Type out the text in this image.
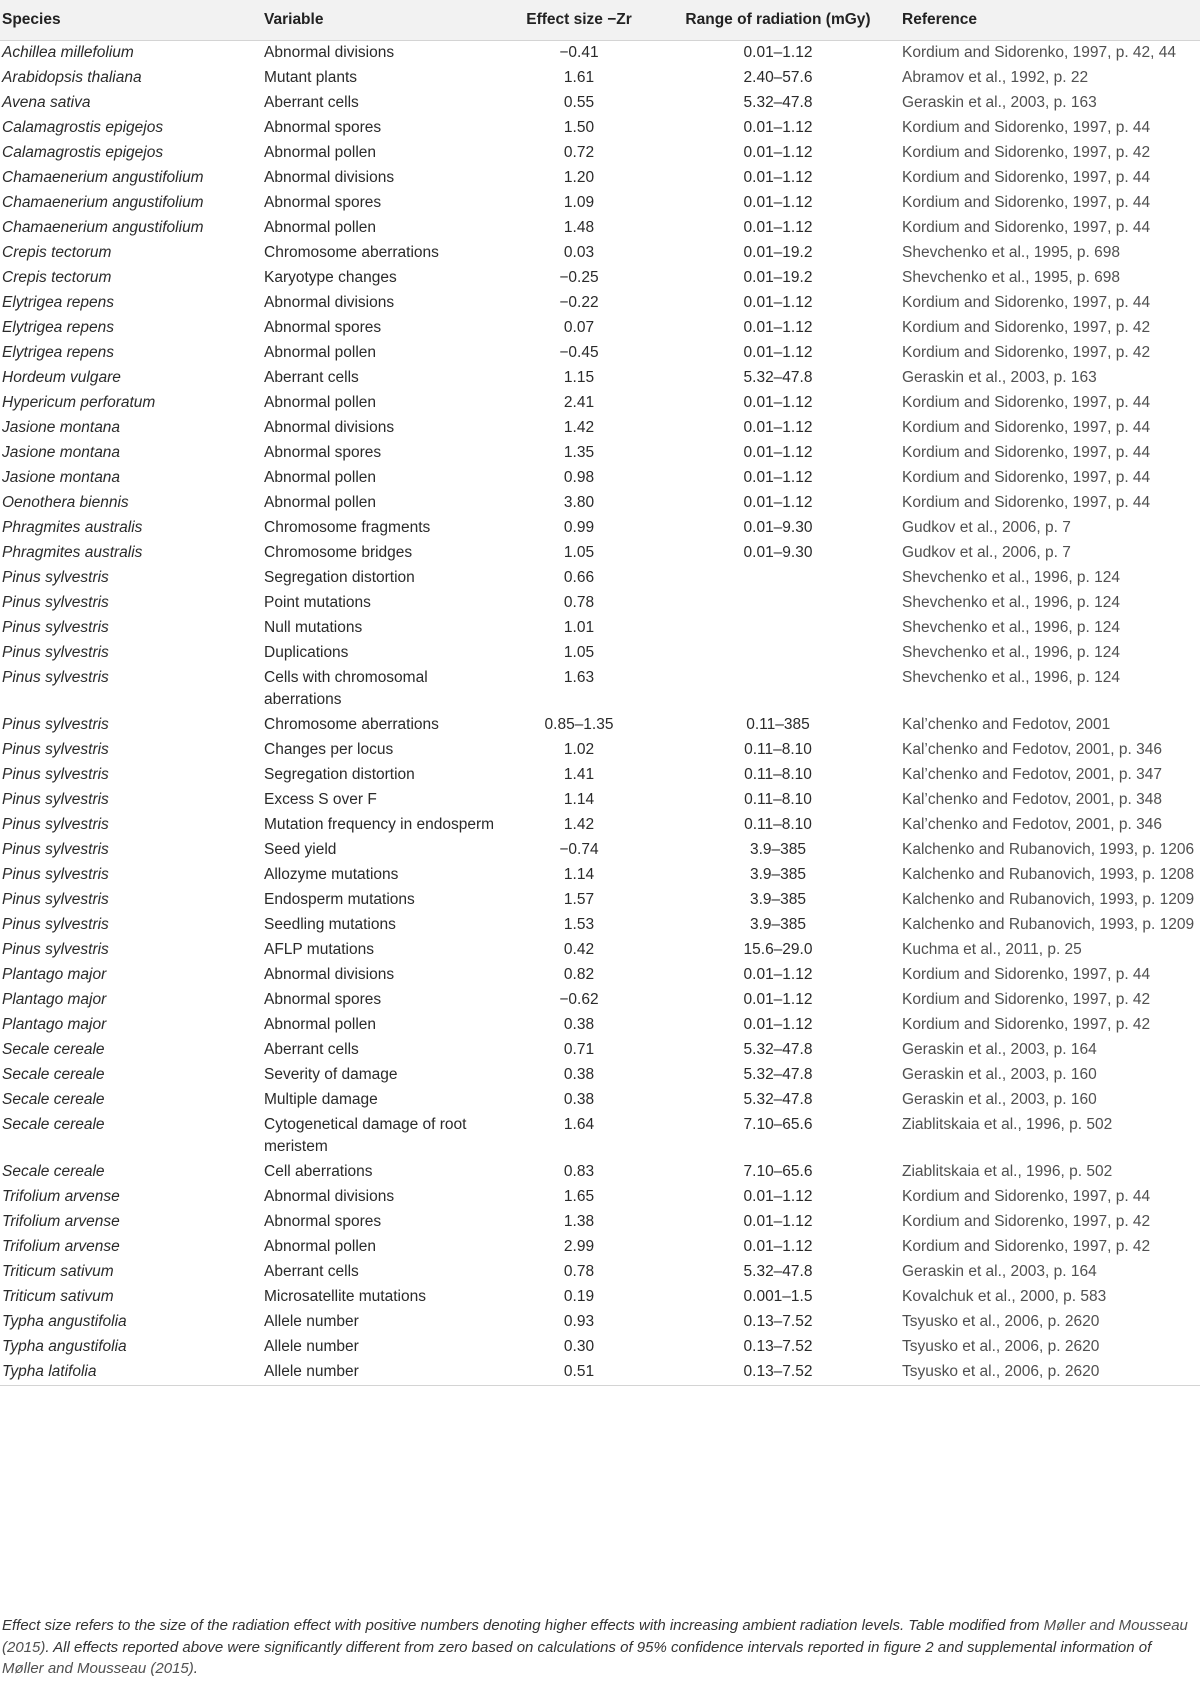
Species	Variable	Effect size −Zr	Range of radiation (mGy)	Reference
Achillea millefolium	Abnormal divisions	−0.41	0.01–1.12	Kordium and Sidorenko, 1997, p. 42, 44
Arabidopsis thaliana	Mutant plants	1.61	2.40–57.6	Abramov et al., 1992, p. 22
Avena sativa	Aberrant cells	0.55	5.32–47.8	Geraskin et al., 2003, p. 163
Calamagrostis epigejos	Abnormal spores	1.50	0.01–1.12	Kordium and Sidorenko, 1997, p. 44
Calamagrostis epigejos	Abnormal pollen	0.72	0.01–1.12	Kordium and Sidorenko, 1997, p. 42
Chamaenerium angustifolium	Abnormal divisions	1.20	0.01–1.12	Kordium and Sidorenko, 1997, p. 44
Chamaenerium angustifolium	Abnormal spores	1.09	0.01–1.12	Kordium and Sidorenko, 1997, p. 44
Chamaenerium angustifolium	Abnormal pollen	1.48	0.01–1.12	Kordium and Sidorenko, 1997, p. 44
Crepis tectorum	Chromosome aberrations	0.03	0.01–19.2	Shevchenko et al., 1995, p. 698
Crepis tectorum	Karyotype changes	−0.25	0.01–19.2	Shevchenko et al., 1995, p. 698
Elytrigea repens	Abnormal divisions	−0.22	0.01–1.12	Kordium and Sidorenko, 1997, p. 44
Elytrigea repens	Abnormal spores	0.07	0.01–1.12	Kordium and Sidorenko, 1997, p. 42
Elytrigea repens	Abnormal pollen	−0.45	0.01–1.12	Kordium and Sidorenko, 1997, p. 42
Hordeum vulgare	Aberrant cells	1.15	5.32–47.8	Geraskin et al., 2003, p. 163
Hypericum perforatum	Abnormal pollen	2.41	0.01–1.12	Kordium and Sidorenko, 1997, p. 44
Jasione montana	Abnormal divisions	1.42	0.01–1.12	Kordium and Sidorenko, 1997, p. 44
Jasione montana	Abnormal spores	1.35	0.01–1.12	Kordium and Sidorenko, 1997, p. 44
Jasione montana	Abnormal pollen	0.98	0.01–1.12	Kordium and Sidorenko, 1997, p. 44
Oenothera biennis	Abnormal pollen	3.80	0.01–1.12	Kordium and Sidorenko, 1997, p. 44
Phragmites australis	Chromosome fragments	0.99	0.01–9.30	Gudkov et al., 2006, p. 7
Phragmites australis	Chromosome bridges	1.05	0.01–9.30	Gudkov et al., 2006, p. 7
Pinus sylvestris	Segregation distortion	0.66		Shevchenko et al., 1996, p. 124
Pinus sylvestris	Point mutations	0.78		Shevchenko et al., 1996, p. 124
Pinus sylvestris	Null mutations	1.01		Shevchenko et al., 1996, p. 124
Pinus sylvestris	Duplications	1.05		Shevchenko et al., 1996, p. 124
Pinus sylvestris	Cells with chromosomal aberrations	1.63		Shevchenko et al., 1996, p. 124
Pinus sylvestris	Chromosome aberrations	0.85–1.35	0.11–385	Kal’chenko and Fedotov, 2001
Pinus sylvestris	Changes per locus	1.02	0.11–8.10	Kal’chenko and Fedotov, 2001, p. 346
Pinus sylvestris	Segregation distortion	1.41	0.11–8.10	Kal’chenko and Fedotov, 2001, p. 347
Pinus sylvestris	Excess S over F	1.14	0.11–8.10	Kal’chenko and Fedotov, 2001, p. 348
Pinus sylvestris	Mutation frequency in endosperm	1.42	0.11–8.10	Kal’chenko and Fedotov, 2001, p. 346
Pinus sylvestris	Seed yield	−0.74	3.9–385	Kalchenko and Rubanovich, 1993, p. 1206
Pinus sylvestris	Allozyme mutations	1.14	3.9–385	Kalchenko and Rubanovich, 1993, p. 1208
Pinus sylvestris	Endosperm mutations	1.57	3.9–385	Kalchenko and Rubanovich, 1993, p. 1209
Pinus sylvestris	Seedling mutations	1.53	3.9–385	Kalchenko and Rubanovich, 1993, p. 1209
Pinus sylvestris	AFLP mutations	0.42	15.6–29.0	Kuchma et al., 2011, p. 25
Plantago major	Abnormal divisions	0.82	0.01–1.12	Kordium and Sidorenko, 1997, p. 44
Plantago major	Abnormal spores	−0.62	0.01–1.12	Kordium and Sidorenko, 1997, p. 42
Plantago major	Abnormal pollen	0.38	0.01–1.12	Kordium and Sidorenko, 1997, p. 42
Secale cereale	Aberrant cells	0.71	5.32–47.8	Geraskin et al., 2003, p. 164
Secale cereale	Severity of damage	0.38	5.32–47.8	Geraskin et al., 2003, p. 160
Secale cereale	Multiple damage	0.38	5.32–47.8	Geraskin et al., 2003, p. 160
Secale cereale	Cytogenetical damage of root meristem	1.64	7.10–65.6	Ziablitskaia et al., 1996, p. 502
Secale cereale	Cell aberrations	0.83	7.10–65.6	Ziablitskaia et al., 1996, p. 502
Trifolium arvense	Abnormal divisions	1.65	0.01–1.12	Kordium and Sidorenko, 1997, p. 44
Trifolium arvense	Abnormal spores	1.38	0.01–1.12	Kordium and Sidorenko, 1997, p. 42
Trifolium arvense	Abnormal pollen	2.99	0.01–1.12	Kordium and Sidorenko, 1997, p. 42
Triticum sativum	Aberrant cells	0.78	5.32–47.8	Geraskin et al., 2003, p. 164
Triticum sativum	Microsatellite mutations	0.19	0.001–1.5	Kovalchuk et al., 2000, p. 583
Typha angustifolia	Allele number	0.93	0.13–7.52	Tsyusko et al., 2006, p. 2620
Typha angustifolia	Allele number	0.30	0.13–7.52	Tsyusko et al., 2006, p. 2620
Typha latifolia	Allele number	0.51	0.13–7.52	Tsyusko et al., 2006, p. 2620
Effect size refers to the size of the radiation effect with positive numbers denoting higher effects with increasing ambient radiation levels. Table modified from Møller and Mousseau (2015). All effects reported above were significantly different from zero based on calculations of 95% confidence intervals reported in figure 2 and supplemental information of Møller and Mousseau (2015).
